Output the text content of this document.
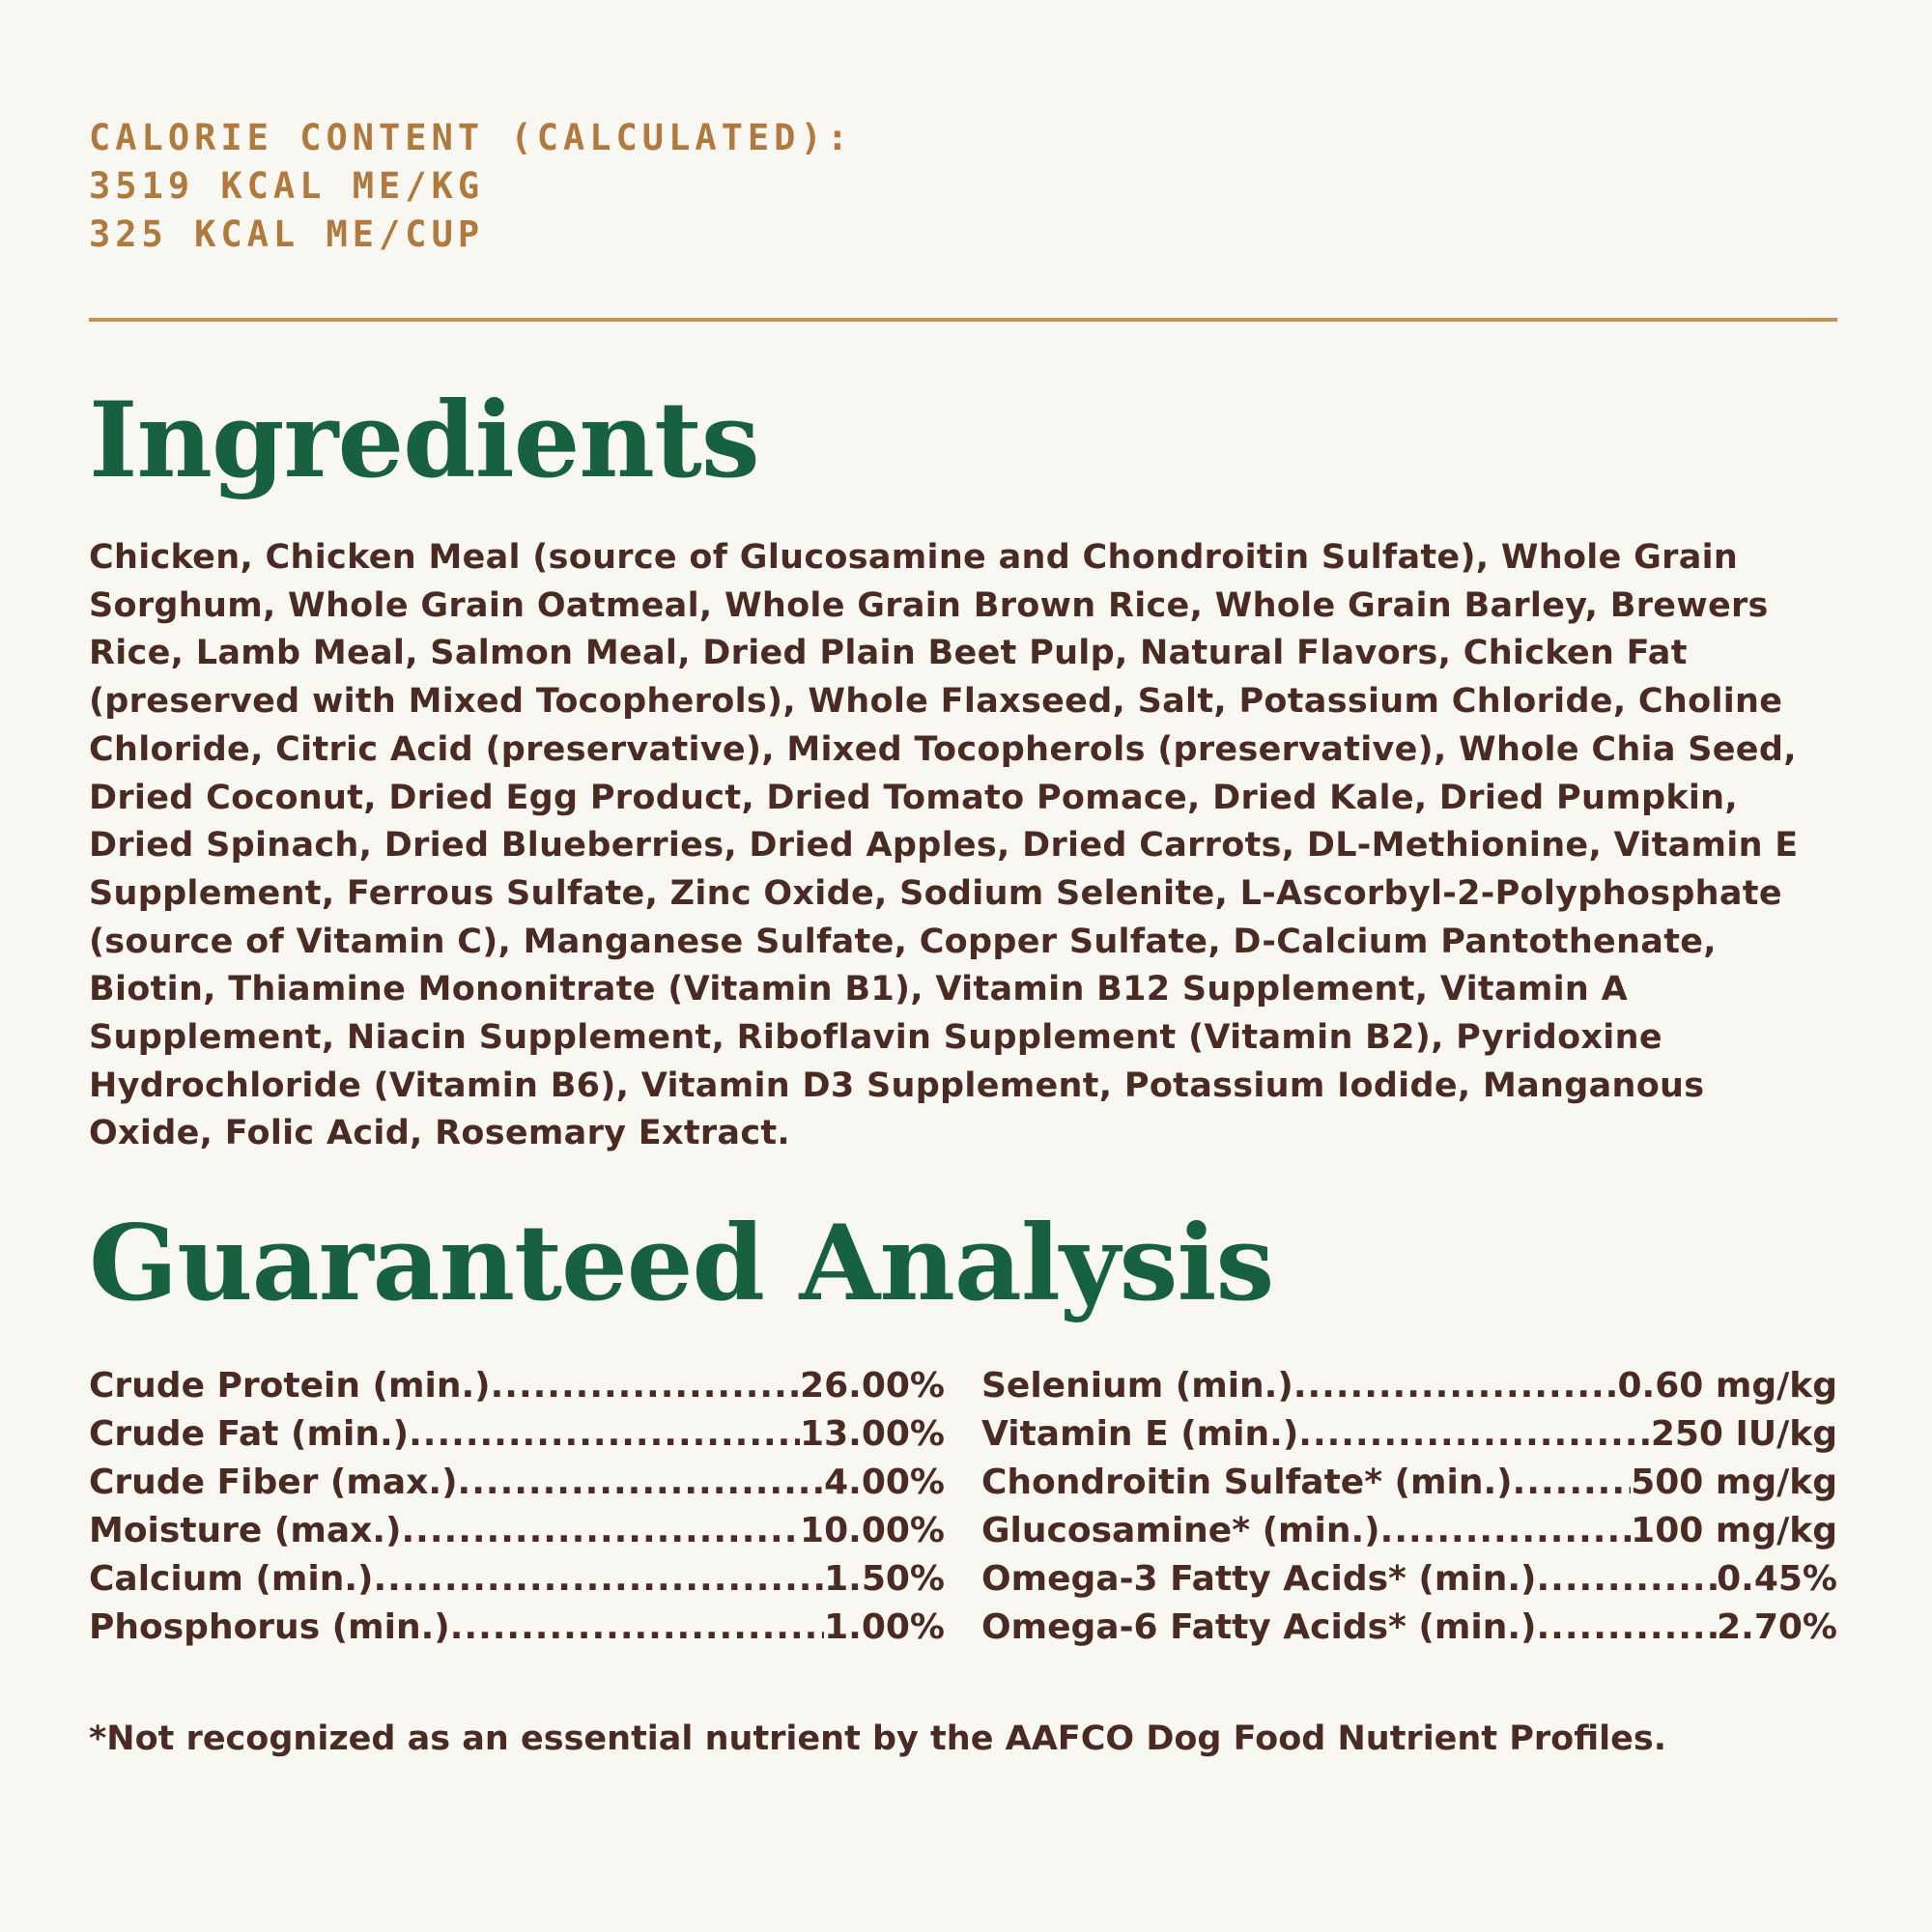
CALORIE CONTENT (CALCULATED):
3519 KCAL ME/KG
325 KCAL ME/CUP
Ingredients
Chicken, Chicken Meal (source of Glucosamine and Chondroitin Sulfate), Whole Grain Sorghum, Whole Grain Oatmeal, Whole Grain Brown Rice, Whole Grain Barley, Brewers Rice, Lamb Meal, Salmon Meal, Dried Plain Beet Pulp, Natural Flavors, Chicken Fat (preserved with Mixed Tocopherols), Whole Flaxseed, Salt, Potassium Chloride, Choline Chloride, Citric Acid (preservative), Mixed Tocopherols (preservative), Whole Chia Seed, Dried Coconut, Dried Egg Product, Dried Tomato Pomace, Dried Kale, Dried Pumpkin, Dried Spinach, Dried Blueberries, Dried Apples, Dried Carrots, DL-Methionine, Vitamin E Supplement, Ferrous Sulfate, Zinc Oxide, Sodium Selenite, L-Ascorbyl-2-Polyphosphate (source of Vitamin C), Manganese Sulfate, Copper Sulfate, D-Calcium Pantothenate, Biotin, Thiamine Mononitrate (Vitamin B1), Vitamin B12 Supplement, Vitamin A Supplement, Niacin Supplement, Riboflavin Supplement (Vitamin B2), Pyridoxine Hydrochloride (Vitamin B6), Vitamin D3 Supplement, Potassium Iodide, Manganous Oxide, Folic Acid, Rosemary Extract.
Guaranteed Analysis
Crude Protein (min.) .....	26.00%
Crude Fat (min.) .....	13.00%
Crude Fiber (max.) .....	4.00%
Moisture (max.) .....	10.00%
Calcium (min.) .....	1.50%
Phosphorus (min.) .....	1.00%
Selenium (min.) .....	0.60 mg/kg
Vitamin E (min.) .....	250 IU/kg
Chondroitin Sulfate* (min.) .....	500 mg/kg
Glucosamine* (min.) .....	100 mg/kg
Omega-3 Fatty Acids* (min.) .....	0.45%
Omega-6 Fatty Acids* (min.) .....	2.70%
*Not recognized as an essential nutrient by the AAFCO Dog Food Nutrient Profiles.
